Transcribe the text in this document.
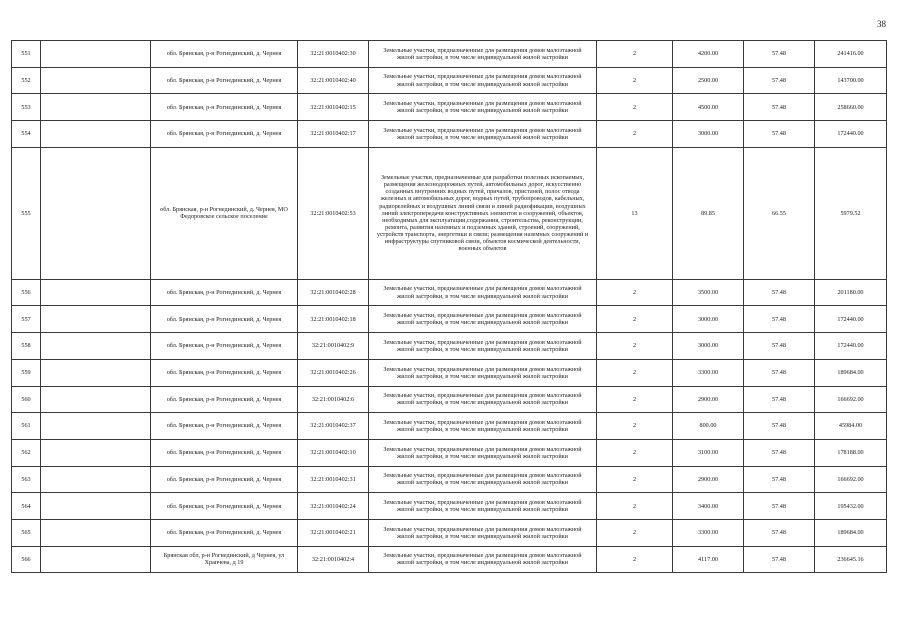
38
551		обл. Брянская, р-н Рогнединский, д. Чернея	32:21:0010402:30	Земельные участки, предназначенные для размещения домов малоэтажной жилой застройки, в том числе индивидуальной жилой застройки	2	4200.00	57.48	241416.00
552		обл. Брянская, р-н Рогнединский, д. Чернея	32:21:0010402:40	Земельные участки, предназначенные для размещения домов малоэтажной жилой застройки, в том числе индивидуальной жилой застройки	2	2500.00	57.48	143700.00
553		обл. Брянская, р-н Рогнединский, д. Чернея	32:21:0010402:15	Земельные участки, предназначенные для размещения домов малоэтажной жилой застройки, в том числе индивидуальной жилой застройки	2	4500.00	57.48	258660.00
554		обл. Брянская, р-н Рогнединский, д. Чернея	32:21:0010402:17	Земельные участки, предназначенные для размещения домов малоэтажной жилой застройки, в том числе индивидуальной жилой застройки	2	3000.00	57.48	172440.00
555		обл. Брянская, р-н Рогнединский, д. Чернея, МО Федоровское сельское поселение	32:21:0010402:53	Земельные участки, предназначенные для разработки полезных ископаемых, размещения железнодорожных путей, автомобильных дорог, искусственно созданных внутренних водных путей, причалов, пристаней, полос отвода железных и автомобильных дорог, водных путей, трубопроводов, кабельных, радиорелейных и воздушных линий связи и линий радиофикации, воздушных линий электропередачи конструктивных элементов и сооружений, объектов, необходимых для эксплуатации,содержания, строительства, реконструкции, ремонта, развития наземных и подземных зданий, строений, сооружений, устройств транспорта, энергетики и связи; размещения наземных сооружений и инфраструктуры спутниковой связи, объектов космической деятельности, военных объектов	13	89.85	66.55	5979.52
556		обл. Брянская, р-н Рогнединский, д. Чернея	32:21:0010402:28	Земельные участки, предназначенные для размещения домов малоэтажной жилой застройки, в том числе индивидуальной жилой застройки	2	3500.00	57.48	201180.00
557		обл. Брянская, р-н Рогнединский, д. Чернея	32:21:0010402:18	Земельные участки, предназначенные для размещения домов малоэтажной жилой застройки, в том числе индивидуальной жилой застройки	2	3000.00	57.48	172440.00
558		обл. Брянская, р-н Рогнединский, д. Чернея	32:21:0010402:9	Земельные участки, предназначенные для размещения домов малоэтажной жилой застройки, в том числе индивидуальной жилой застройки	2	3000.00	57.48	172440.00
559		обл. Брянская, р-н Рогнединский, д. Чернея	32:21:0010402:26	Земельные участки, предназначенные для размещения домов малоэтажной жилой застройки, в том числе индивидуальной жилой застройки	2	3300.00	57.48	189684.00
560		обл. Брянская, р-н Рогнединский, д. Чернея	32:21:0010402:6	Земельные участки, предназначенные для размещения домов малоэтажной жилой застройки, в том числе индивидуальной жилой застройки	2	2900.00	57.48	166692.00
561		обл. Брянская, р-н Рогнединский, д. Чернея	32:21:0010402:37	Земельные участки, предназначенные для размещения домов малоэтажной жилой застройки, в том числе индивидуальной жилой застройки	2	800.00	57.48	45984.00
562		обл. Брянская, р-н Рогнединский, д. Чернея	32:21:0010402:10	Земельные участки, предназначенные для размещения домов малоэтажной жилой застройки, в том числе индивидуальной жилой застройки	2	3100.00	57.48	178188.00
563		обл. Брянская, р-н Рогнединский, д. Чернея	32:21:0010402:31	Земельные участки, предназначенные для размещения домов малоэтажной жилой застройки, в том числе индивидуальной жилой застройки	2	2900.00	57.48	166692.00
564		обл. Брянская, р-н Рогнединский, д. Чернея	32:21:0010402:24	Земельные участки, предназначенные для размещения домов малоэтажной жилой застройки, в том числе индивидуальной жилой застройки	2	3400.00	57.48	195432.00
565		обл. Брянская, р-н Рогнединский, д. Чернея	32:21:0010402:21	Земельные участки, предназначенные для размещения домов малоэтажной жилой застройки, в том числе индивидуальной жилой застройки	2	3300.00	57.48	189684.00
566		Брянская обл, р-н Рогнединский, д Чернея, ул Храпчева, д 19	32:21:0010402:4	Земельные участки, предназначенные для размещения домов малоэтажной жилой застройки, в том числе индивидуальной жилой застройки	2	4117.00	57.48	236645.16
